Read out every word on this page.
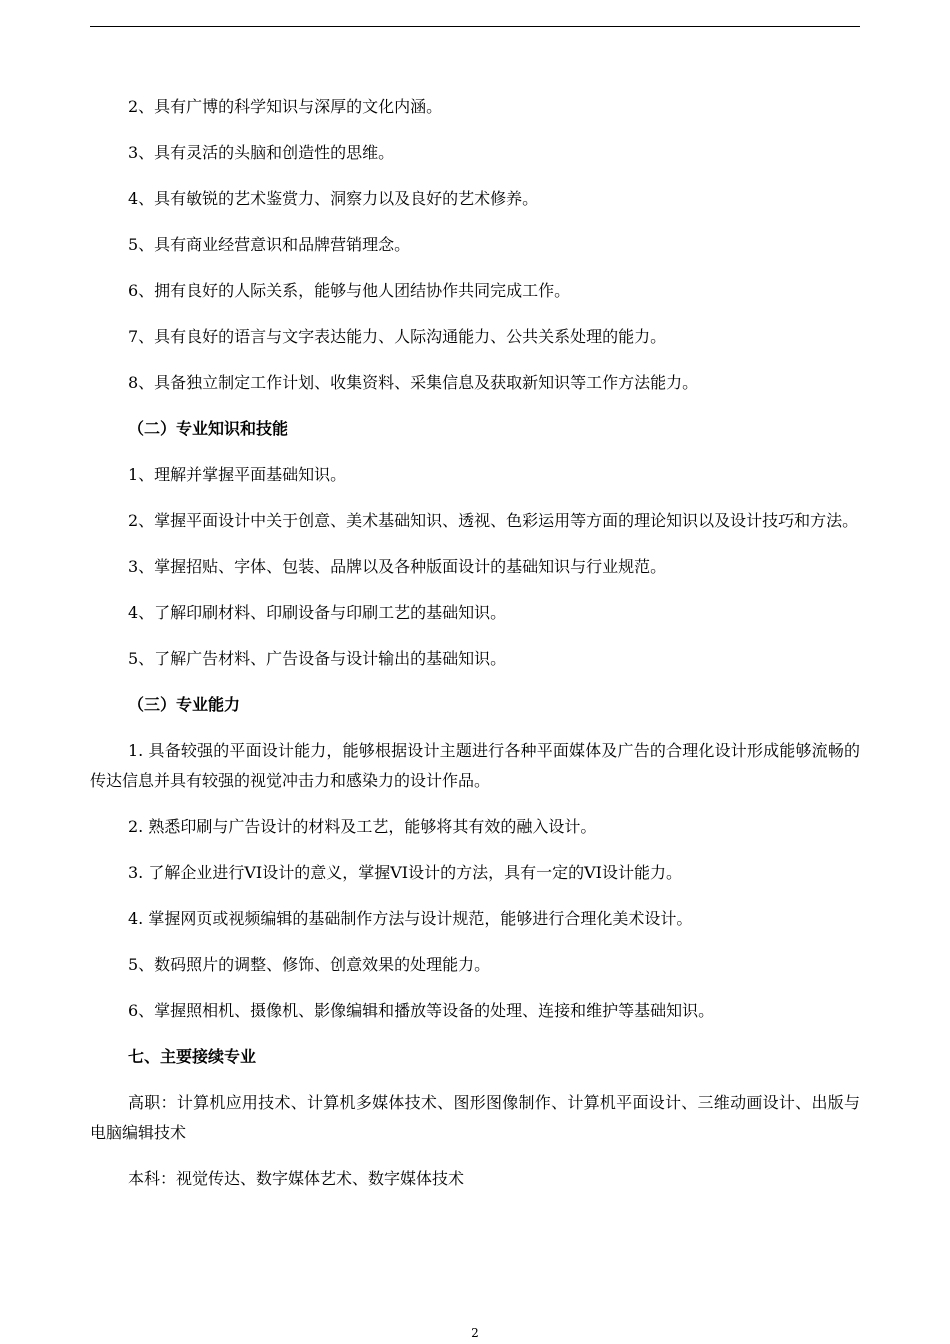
2、具有广博的科学知识与深厚的文化内涵。

3、具有灵活的头脑和创造性的思维。

4、具有敏锐的艺术鉴赏力、洞察力以及良好的艺术修养。

5、具有商业经营意识和品牌营销理念。

6、拥有良好的人际关系，能够与他人团结协作共同完成工作。

7、具有良好的语言与文字表达能力、人际沟通能力、公共关系处理的能力。

8、具备独立制定工作计划、收集资料、采集信息及获取新知识等工作方法能力。

（二）专业知识和技能

1、理解并掌握平面基础知识。

2、掌握平面设计中关于创意、美术基础知识、透视、色彩运用等方面的理论知识以及设计技巧和方法。

3、掌握招贴、字体、包装、品牌以及各种版面设计的基础知识与行业规范。

4、了解印刷材料、印刷设备与印刷工艺的基础知识。

5、了解广告材料、广告设备与设计输出的基础知识。

（三）专业能力

1. 具备较强的平面设计能力，能够根据设计主题进行各种平面媒体及广告的合理化设计形成能够流畅的传达信息并具有较强的视觉冲击力和感染力的设计作品。

2. 熟悉印刷与广告设计的材料及工艺，能够将其有效的融入设计。

3. 了解企业进行VI设计的意义，掌握VI设计的方法，具有一定的VI设计能力。

4. 掌握网页或视频编辑的基础制作方法与设计规范，能够进行合理化美术设计。

5、数码照片的调整、修饰、创意效果的处理能力。

6、掌握照相机、摄像机、影像编辑和播放等设备的处理、连接和维护等基础知识。

七、主要接续专业

高职：计算机应用技术、计算机多媒体技术、图形图像制作、计算机平面设计、三维动画设计、出版与电脑编辑技术

本科：视觉传达、数字媒体艺术、数字媒体技术

2
